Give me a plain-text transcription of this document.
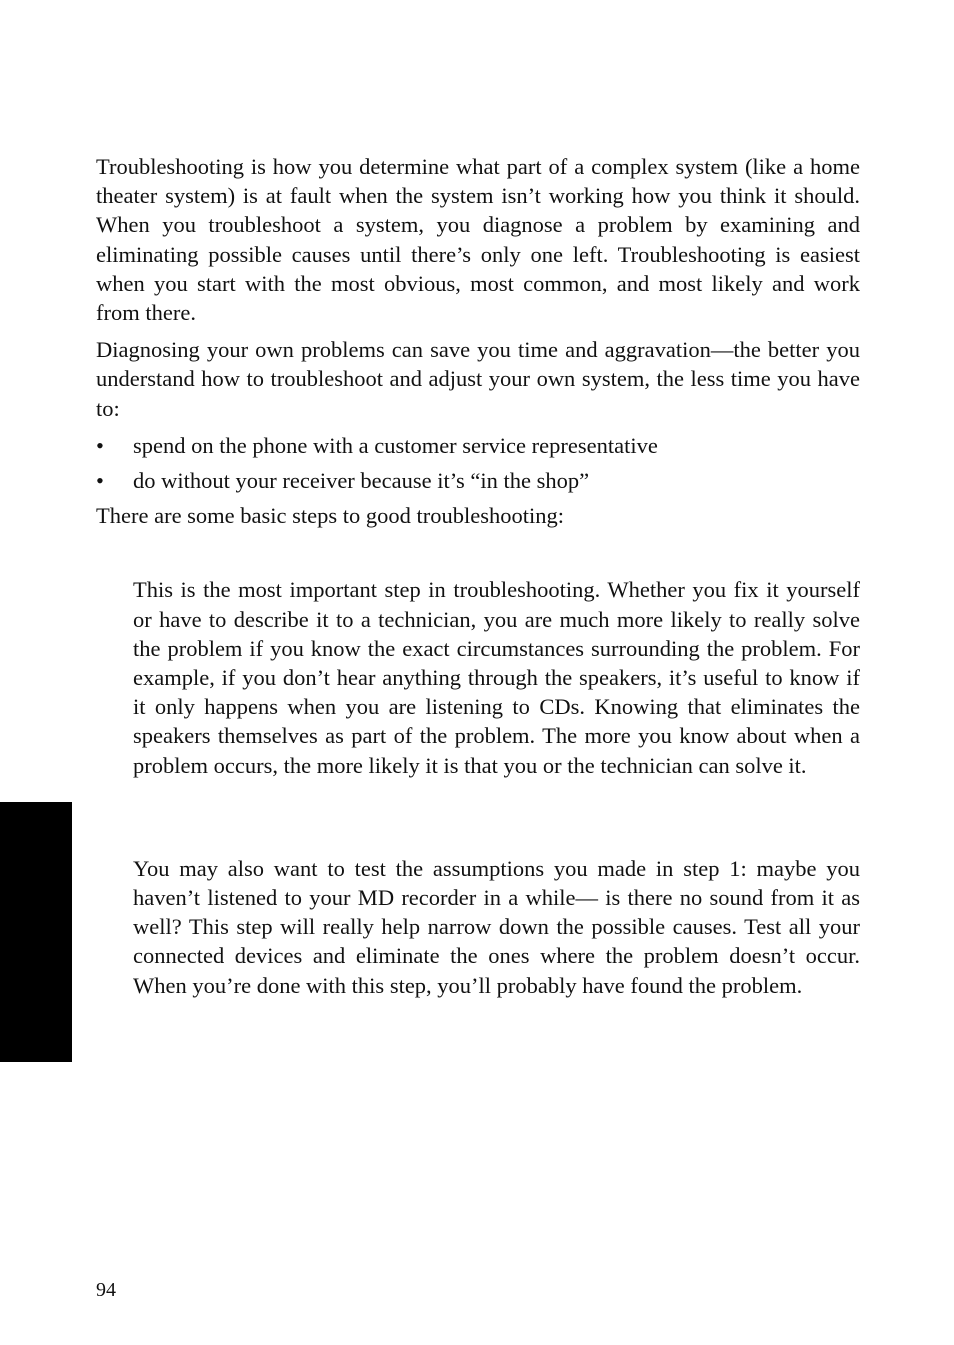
Troubleshooting is how you determine what part of a complex system (like a home theater system) is at fault when the system isn’t working how you think it should. When you troubleshoot a system, you diagnose a problem by examining and eliminating possible causes until there’s only one left. Troubleshooting is easiest when you start with the most obvious, most common, and most likely and work from there.

Diagnosing your own problems can save you time and aggravation—the better you understand how to troubleshoot and adjust your own system, the less time you have to:

• spend on the phone with a customer service representative
• do without your receiver because it’s “in the shop”

There are some basic steps to good troubleshooting:

This is the most important step in troubleshooting. Whether you fix it yourself or have to describe it to a technician, you are much more likely to really solve the problem if you know the exact circumstances surrounding the problem. For example, if you don’t hear anything through the speakers, it’s useful to know if it only happens when you are listening to CDs. Knowing that eliminates the speakers themselves as part of the problem. The more you know about when a problem occurs, the more likely it is that you or the technician can solve it.

You may also want to test the assumptions you made in step 1: maybe you haven’t listened to your MD recorder in a while— is there no sound from it as well? This step will really help narrow down the possible causes. Test all your connected devices and eliminate the ones where the problem doesn’t occur. When you’re done with this step, you’ll probably have found the problem.

94
